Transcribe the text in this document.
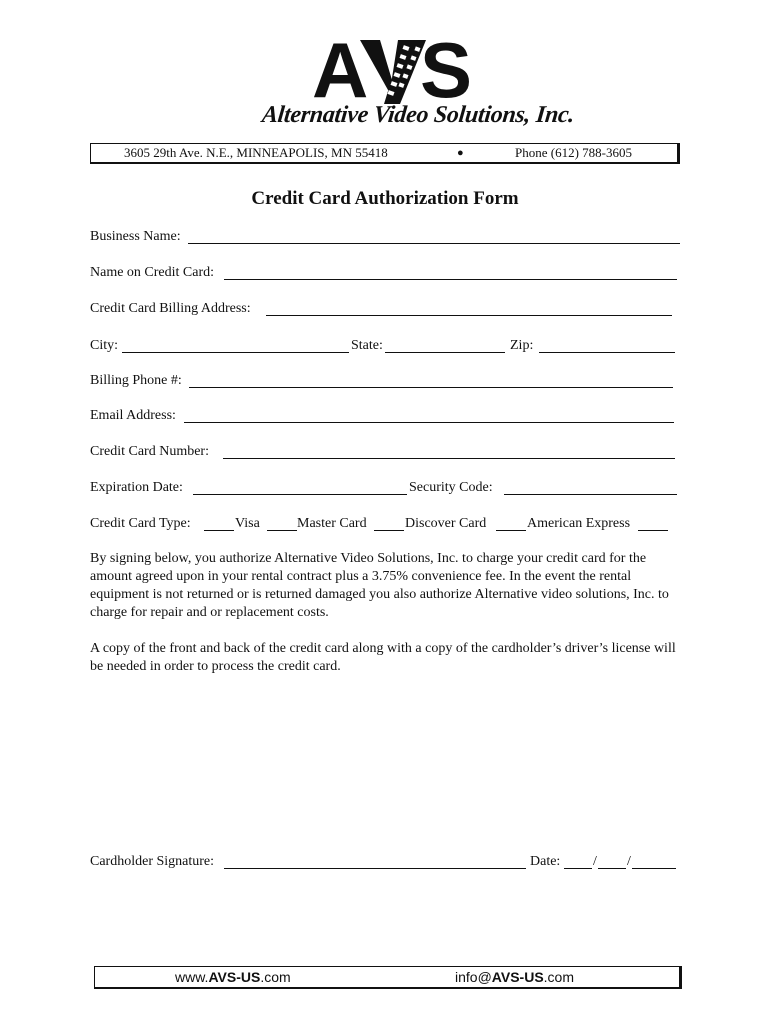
A S
Alternative Video Solutions, Inc.
3605 29th Ave. N.E., MINNEAPOLIS, MN 55418	●	Phone (612) 788-3605
Credit Card Authorization Form
Business Name:
Name on Credit Card:
Credit Card Billing Address:
City:	State:	Zip:
Billing Phone #:
Email Address:
Credit Card Number:
Expiration Date:	Security Code:
Credit Card Type:	Visa	Master Card	Discover Card	American Express

By signing below, you authorize Alternative Video Solutions, Inc. to charge your credit card for the amount agreed upon in your rental contract plus a 3.75% convenience fee. In the event the rental equipment is not returned or is returned damaged you also authorize Alternative video solutions, Inc. to charge for repair and or replacement costs.

A copy of the front and back of the credit card along with a copy of the cardholder’s driver’s license will be needed in order to process the credit card.

Cardholder Signature:	Date: / /
www.AVS-US.com	info@AVS-US.com
